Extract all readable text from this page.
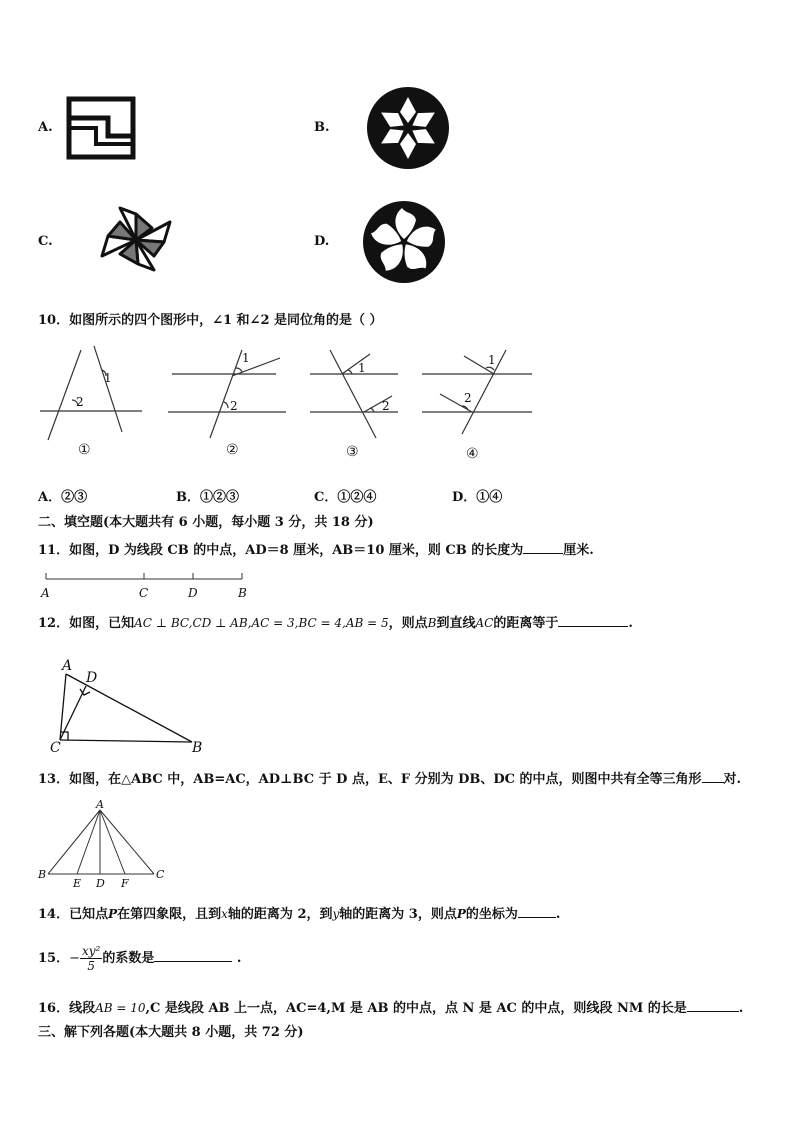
A.	B.
C.	D.
10．如图所示的四个图形中，∠1 和∠2 是同位角的是（ ）
1
2
1
2
1
2
1
2
①	②	③	④
A．②③	B．①②③	C．①②④	D．①④
二、填空题(本大题共有 6 小题，每小题 3 分，共 18 分)
11．如图，D 为线段 CB 的中点，AD＝8 厘米，AB＝10 厘米，则 CB 的长度为	厘米.
A	C	D	B
12．如图，已知AC ⊥ BC,CD ⊥ AB,AC = 3,BC = 4,AB = 5，则点B到直线AC的距离等于	.
A
D
C	B
13．如图，在△ABC 中，AB=AC，AD⊥BC 于 D 点，E、F 分别为 DB、DC 的中点，则图中共有全等三角形 对.
A
B
E D F
C
14．已知点P在第四象限，且到x轴的距离为 2，到y轴的距离为 3，则点P的坐标为	.
15．− $\frac{\text{xy²}}{5}$ 的系数是	.
16．线段AB = 10,C 是线段 AB 上一点，AC=4,M 是 AB 的中点，点 N 是 AC 的中点，则线段 NM 的长是	.
三、解下列各题(本大题共 8 小题，共 72 分)
